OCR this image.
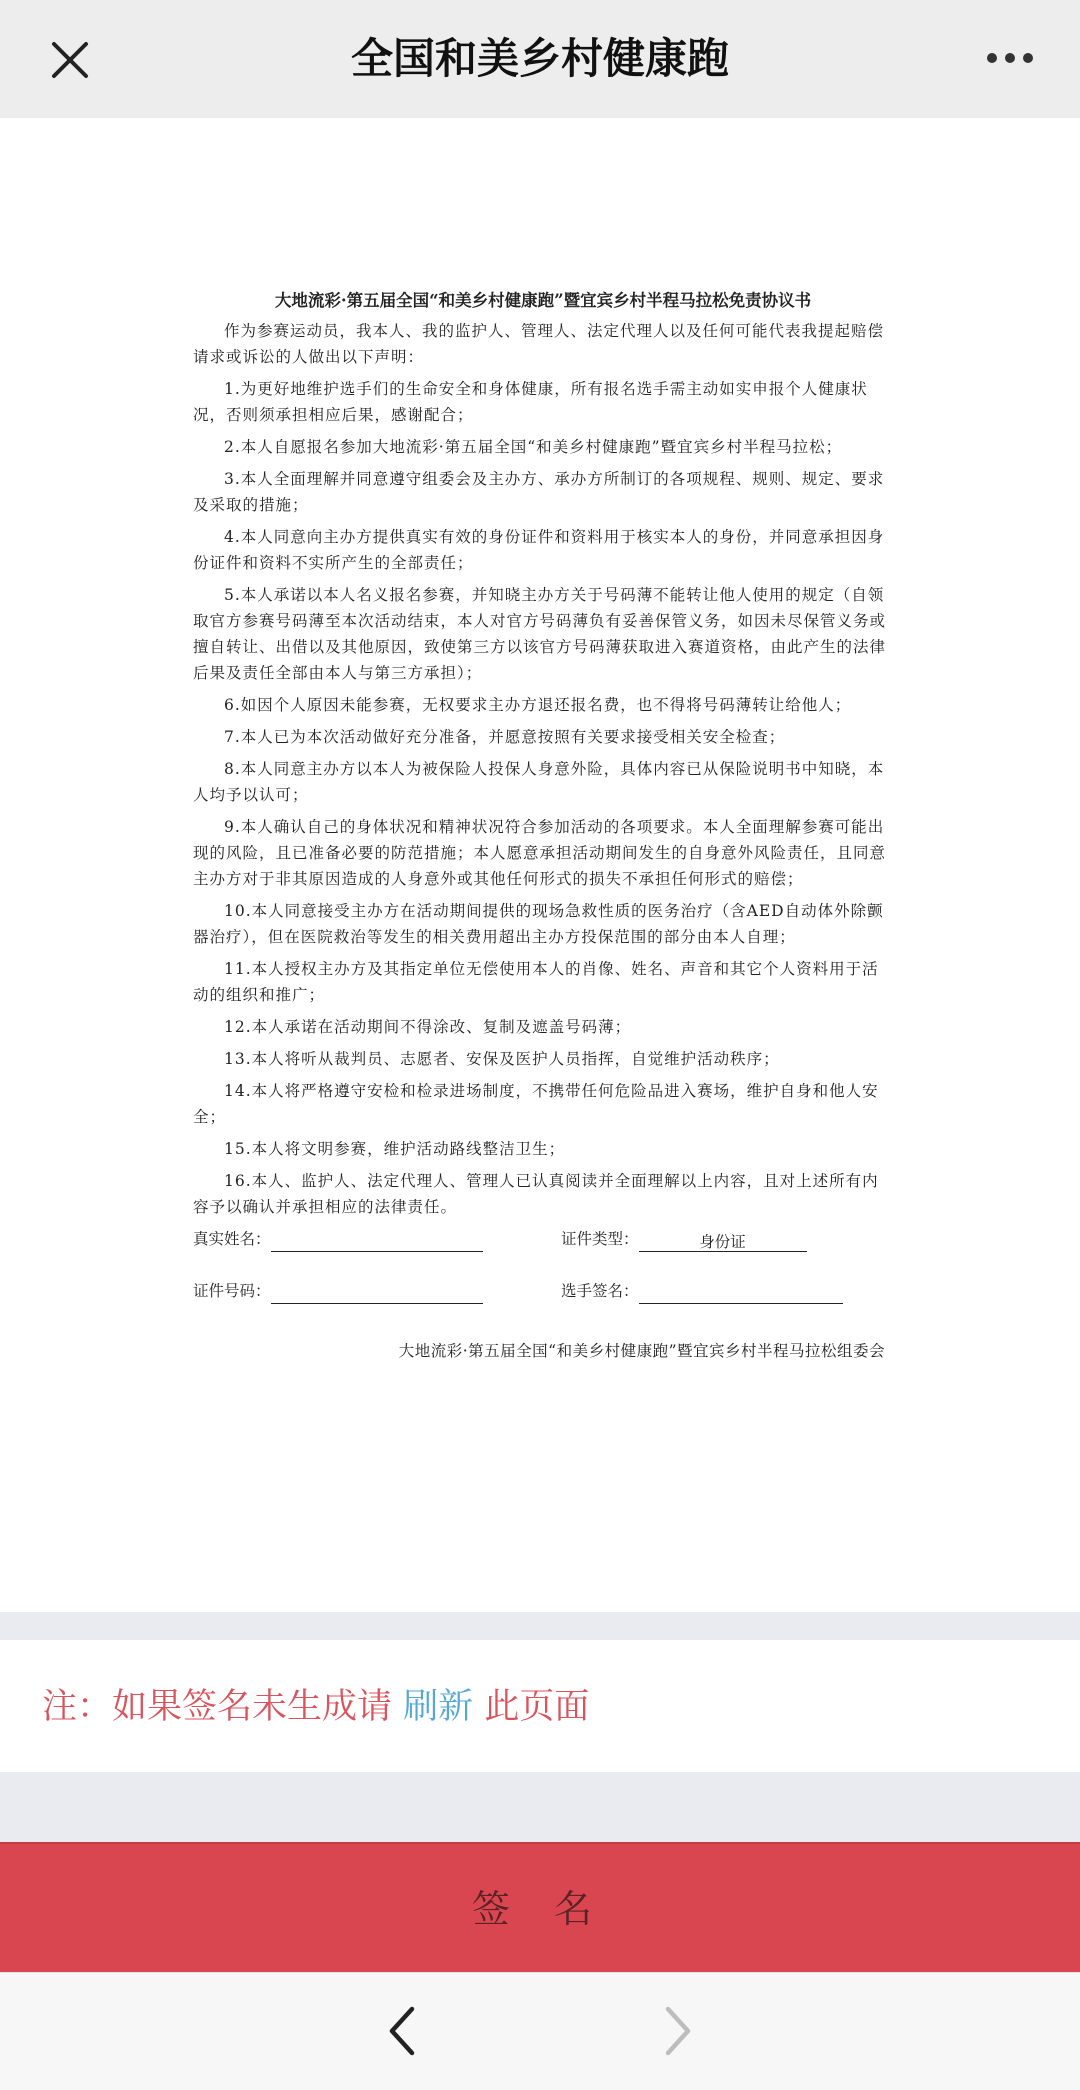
全国和美乡村健康跑
大地流彩·第五届全国“和美乡村健康跑”暨宜宾乡村半程马拉松免责协议书

作为参赛运动员，我本人、我的监护人、管理人、法定代理人以及任何可能代表我提起赔偿请求或诉讼的人做出以下声明：

1.为更好地维护选手们的生命安全和身体健康，所有报名选手需主动如实申报个人健康状况，否则须承担相应后果，感谢配合；

2.本人自愿报名参加大地流彩·第五届全国“和美乡村健康跑”暨宜宾乡村半程马拉松；

3.本人全面理解并同意遵守组委会及主办方、承办方所制订的各项规程、规则、规定、要求及采取的措施；

4.本人同意向主办方提供真实有效的身份证件和资料用于核实本人的身份，并同意承担因身份证件和资料不实所产生的全部责任；

5.本人承诺以本人名义报名参赛，并知晓主办方关于号码薄不能转让他人使用的规定（自领取官方参赛号码薄至本次活动结束，本人对官方号码薄负有妥善保管义务，如因未尽保管义务或擅自转让、出借以及其他原因，致使第三方以该官方号码薄获取进入赛道资格，由此产生的法律后果及责任全部由本人与第三方承担）；

6.如因个人原因未能参赛，无权要求主办方退还报名费，也不得将号码薄转让给他人；

7.本人已为本次活动做好充分准备，并愿意按照有关要求接受相关安全检查；

8.本人同意主办方以本人为被保险人投保人身意外险，具体内容已从保险说明书中知晓，本人均予以认可；

9.本人确认自己的身体状况和精神状况符合参加活动的各项要求。本人全面理解参赛可能出现的风险，且已准备必要的防范措施；本人愿意承担活动期间发生的自身意外风险责任，且同意主办方对于非其原因造成的人身意外或其他任何形式的损失不承担任何形式的赔偿；

10.本人同意接受主办方在活动期间提供的现场急救性质的医务治疗（含AED自动体外除颤器治疗），但在医院救治等发生的相关费用超出主办方投保范围的部分由本人自理；

11.本人授权主办方及其指定单位无偿使用本人的肖像、姓名、声音和其它个人资料用于活动的组织和推广；

12.本人承诺在活动期间不得涂改、复制及遮盖号码薄；

13.本人将听从裁判员、志愿者、安保及医护人员指挥，自觉维护活动秩序；

14.本人将严格遵守安检和检录进场制度，不携带任何危险品进入赛场，维护自身和他人安全；

15.本人将文明参赛，维护活动路线整洁卫生；

16.本人、监护人、法定代理人、管理人已认真阅读并全面理解以上内容，且对上述所有内容予以确认并承担相应的法律责任。

真实姓名：	证件类型：	身份证
证件号码：	选手签名：
大地流彩·第五届全国“和美乡村健康跑”暨宜宾乡村半程马拉松组委会
注：如果签名未生成请 刷新 此页面
签 名
